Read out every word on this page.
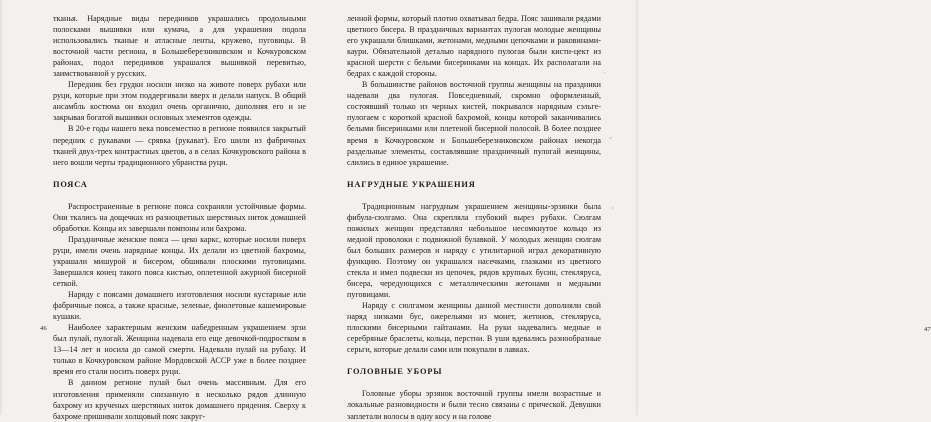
тканья. Нарядные виды передников украшались продольными полосками вышивки или кумача, а для украшения подола использовались тканые и атласные ленты, кружево, пуговицы. В восточной части региона, в Большеберезниковском и Кочкуровском районах, подол передников украшался вышивкой перевитью, заимствованной у русских.

Передник без грудки носили низко на животе поверх рубахи или руци, которые при этом поддергивали вверх и делали напуск. В общий ансамбль костюма он входил очень органично, дополняя его и не закрывая богатой вышивки основных элементов одежды.

В 20-е годы нашего века повсеместно в регионе появился закрытый передник с рукавами — срявка (рукават). Его шили из фабричных тканей двух-трех контрастных цветов, а в селах Кочкуровского района в него вошли черты традиционного убранства руци.

ПОЯСА

Распространенные в регионе пояса сохраняли устойчивые формы. Они ткались на дощечках из разноцветных шерстяных ниток домашней обработки. Концы их завершали помпоны или бахрома.

Праздничные женские пояса — цеко каркс, которые носили поверх руци, имели очень нарядные концы. Их делали из цветной бахромы, украшали мишурой и бисером, обшивали плоскими пуговицами. Завершался конец такого пояса кистью, оплетенной ажурной бисерной сеткой.

Наряду с поясами домашнего изготовления носили кустарные или фабричные пояса, а также красные, зеленые, фиолетовые кашемировые кушаки.

Наиболее характерным женским набедренным украшением эрзи был пулай, пулогай. Женщина надевала его еще девочкой-подростком в 13—14 лет и носила до самой смерти. Надевали пулай на рубаху. И только в Кочкуровском районе Мордовской АССР уже в более позднее время его стали носить поверх руци.

В данном регионе пулай был очень массивным. Для его изготовления применяли снизанную в несколько рядов длинную бахрому из крученых шерстяных ниток домашнего прядения. Сверху к бахроме пришивали холщовый пояс закруг-

46

ленной формы, который плотно охватывал бедра. Пояс зашивали рядами цветного бисера. В праздничных вариантах пулогая молодые женщины его украшали блишками, жетонами, медными цепочками и раковинами-каури. Обязательной деталью нарядного пулогая были кисти-цект из красной шерсти с белыми бисеринками на концах. Их располагали на бедрах с каждой стороны.

В большинстве районов восточной группы женщины на праздники надевали два пулогая. Повседневный, скромно оформленный, состоявший только из черных кистей, покрывался нарядным сэльге-пулогаем с короткой красной бахромой, концы которой заканчивались белыми бисеринками или плетеной бисерной полосой. В более позднее время в Кочкуровском и Большеберезниковском районах некогда раздельные элементы, составлявшие праздничный пулогай женщины, слились в единое украшение.

НАГРУДНЫЕ УКРАШЕНИЯ

Традиционным нагрудным украшением женщины-эрзянки была фибула-сюлгамо. Она скрепляла глубокий вырез рубахи. Сюлгам пожилых женщин представлял небольшое несомкнутое кольцо из медной проволоки с подвижной булавкой. У молодых женщин сюлгам был больших размеров и наряду с утилитарной играл декоративную функцию. Поэтому он украшался насечками, глазками из цветного стекла и имел подвески из цепочек, рядов крупных бусин, стекляруса, бисера, чередующихся с металлическими жетонами и медными пуговицами.

Наряду с сюлгамом женщины данной местности дополняли свой наряд низками бус, ожерельями из монет, жетонов, стекляруса, плоскими бисерными гайтанами. На руки надевались медные и серебряные браслеты, кольца, перстни. В уши вдевались разнообразные серьги, которые делали сами или покупали в лавках.

ГОЛОВНЫЕ УБОРЫ

Головные уборы эрзянок восточной группы имели возрастные и локальные разновидности и были тесно связаны с прической. Девушки заплетали волосы в одну косу и на голове

47
